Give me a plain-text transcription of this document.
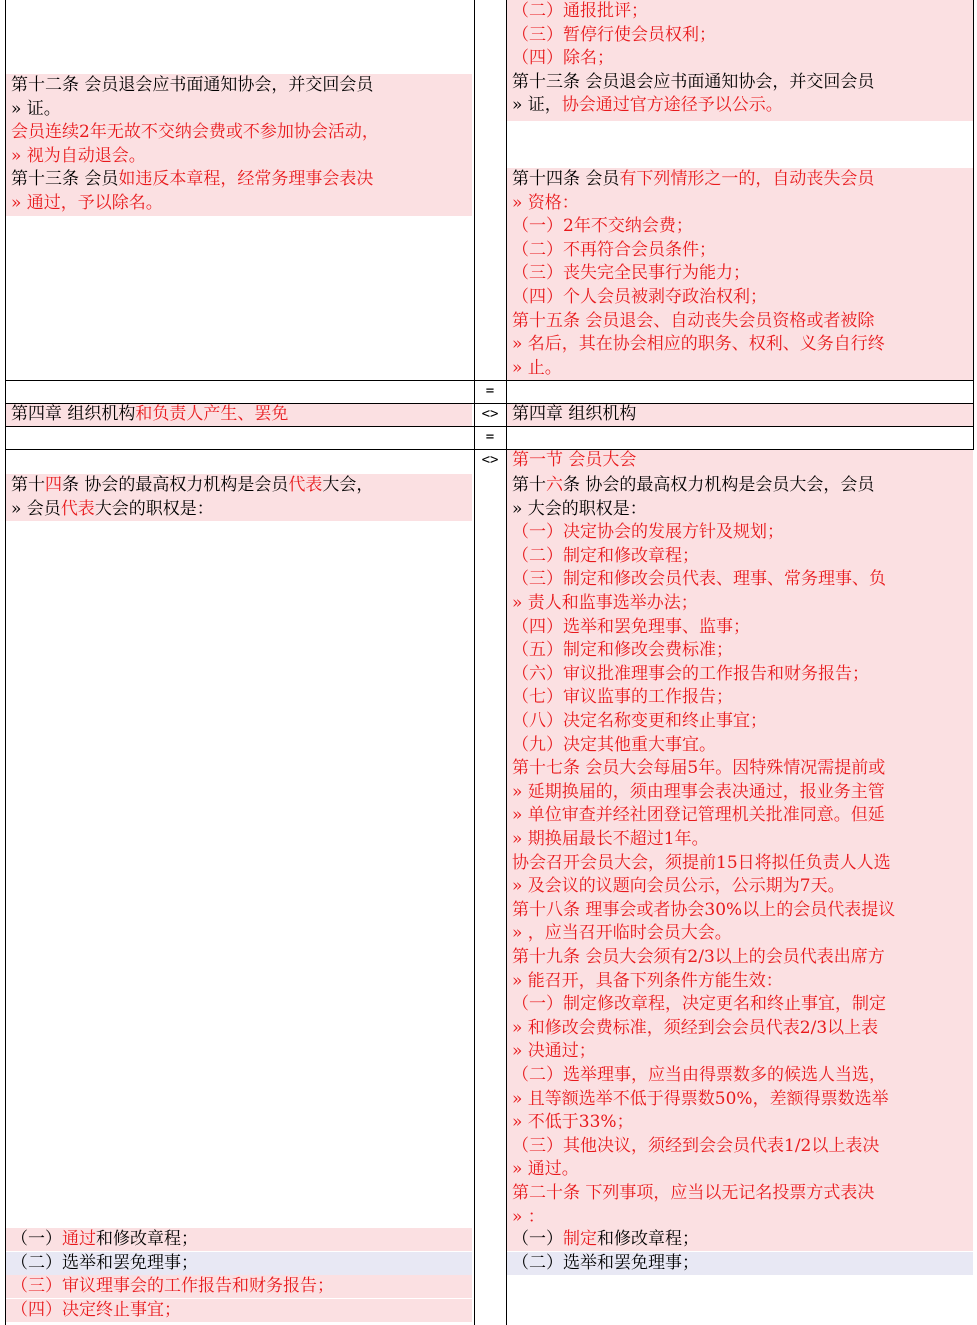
第十二条 会员退会应书面通知协会，并交回会员
» 证。
会员连续2年无故不交纳会费或不参加协会活动，
» 视为自动退会。
第十三条 会员如违反本章程，经常务理事会表决
» 通过，予以除名。
第四章 组织机构和负责人产生、罢免
第十四条 协会的最高权力机构是会员代表大会，
» 会员代表大会的职权是：
（一）通过和修改章程；
（二）选举和罢免理事；
（三）审议理事会的工作报告和财务报告；
（四）决定终止事宜；
=
<>
=
<>
（二）通报批评；
（三）暂停行使会员权利；
（四）除名；
第十三条 会员退会应书面通知协会，并交回会员
» 证，协会通过官方途径予以公示。
第十四条 会员有下列情形之一的，自动丧失会员
» 资格：
（一）2年不交纳会费；
（二）不再符合会员条件；
（三）丧失完全民事行为能力；
（四）个人会员被剥夺政治权利；
第十五条 会员退会、自动丧失会员资格或者被除
» 名后，其在协会相应的职务、权利、义务自行终
» 止。
第四章 组织机构
第一节 会员大会
第十六条 协会的最高权力机构是会员大会，会员
» 大会的职权是：
（一）决定协会的发展方针及规划；
（二）制定和修改章程；
（三）制定和修改会员代表、理事、常务理事、负
» 责人和监事选举办法；
（四）选举和罢免理事、监事；
（五）制定和修改会费标准；
（六）审议批准理事会的工作报告和财务报告；
（七）审议监事的工作报告；
（八）决定名称变更和终止事宜；
（九）决定其他重大事宜。
第十七条 会员大会每届5年。因特殊情况需提前或
» 延期换届的，须由理事会表决通过，报业务主管
» 单位审查并经社团登记管理机关批准同意。但延
» 期换届最长不超过1年。
协会召开会员大会，须提前15日将拟任负责人人选
» 及会议的议题向会员公示，公示期为7天。
第十八条 理事会或者协会30%以上的会员代表提议
» ，应当召开临时会员大会。
第十九条 会员大会须有2/3以上的会员代表出席方
» 能召开，具备下列条件方能生效：
（一）制定修改章程，决定更名和终止事宜，制定
» 和修改会费标准，须经到会会员代表2/3以上表
» 决通过；
（二）选举理事，应当由得票数多的候选人当选，
» 且等额选举不低于得票数50%，差额得票数选举
» 不低于33%；
（三）其他决议，须经到会会员代表1/2以上表决
» 通过。
第二十条 下列事项，应当以无记名投票方式表决
» ：
（一）制定和修改章程；
（二）选举和罢免理事；
